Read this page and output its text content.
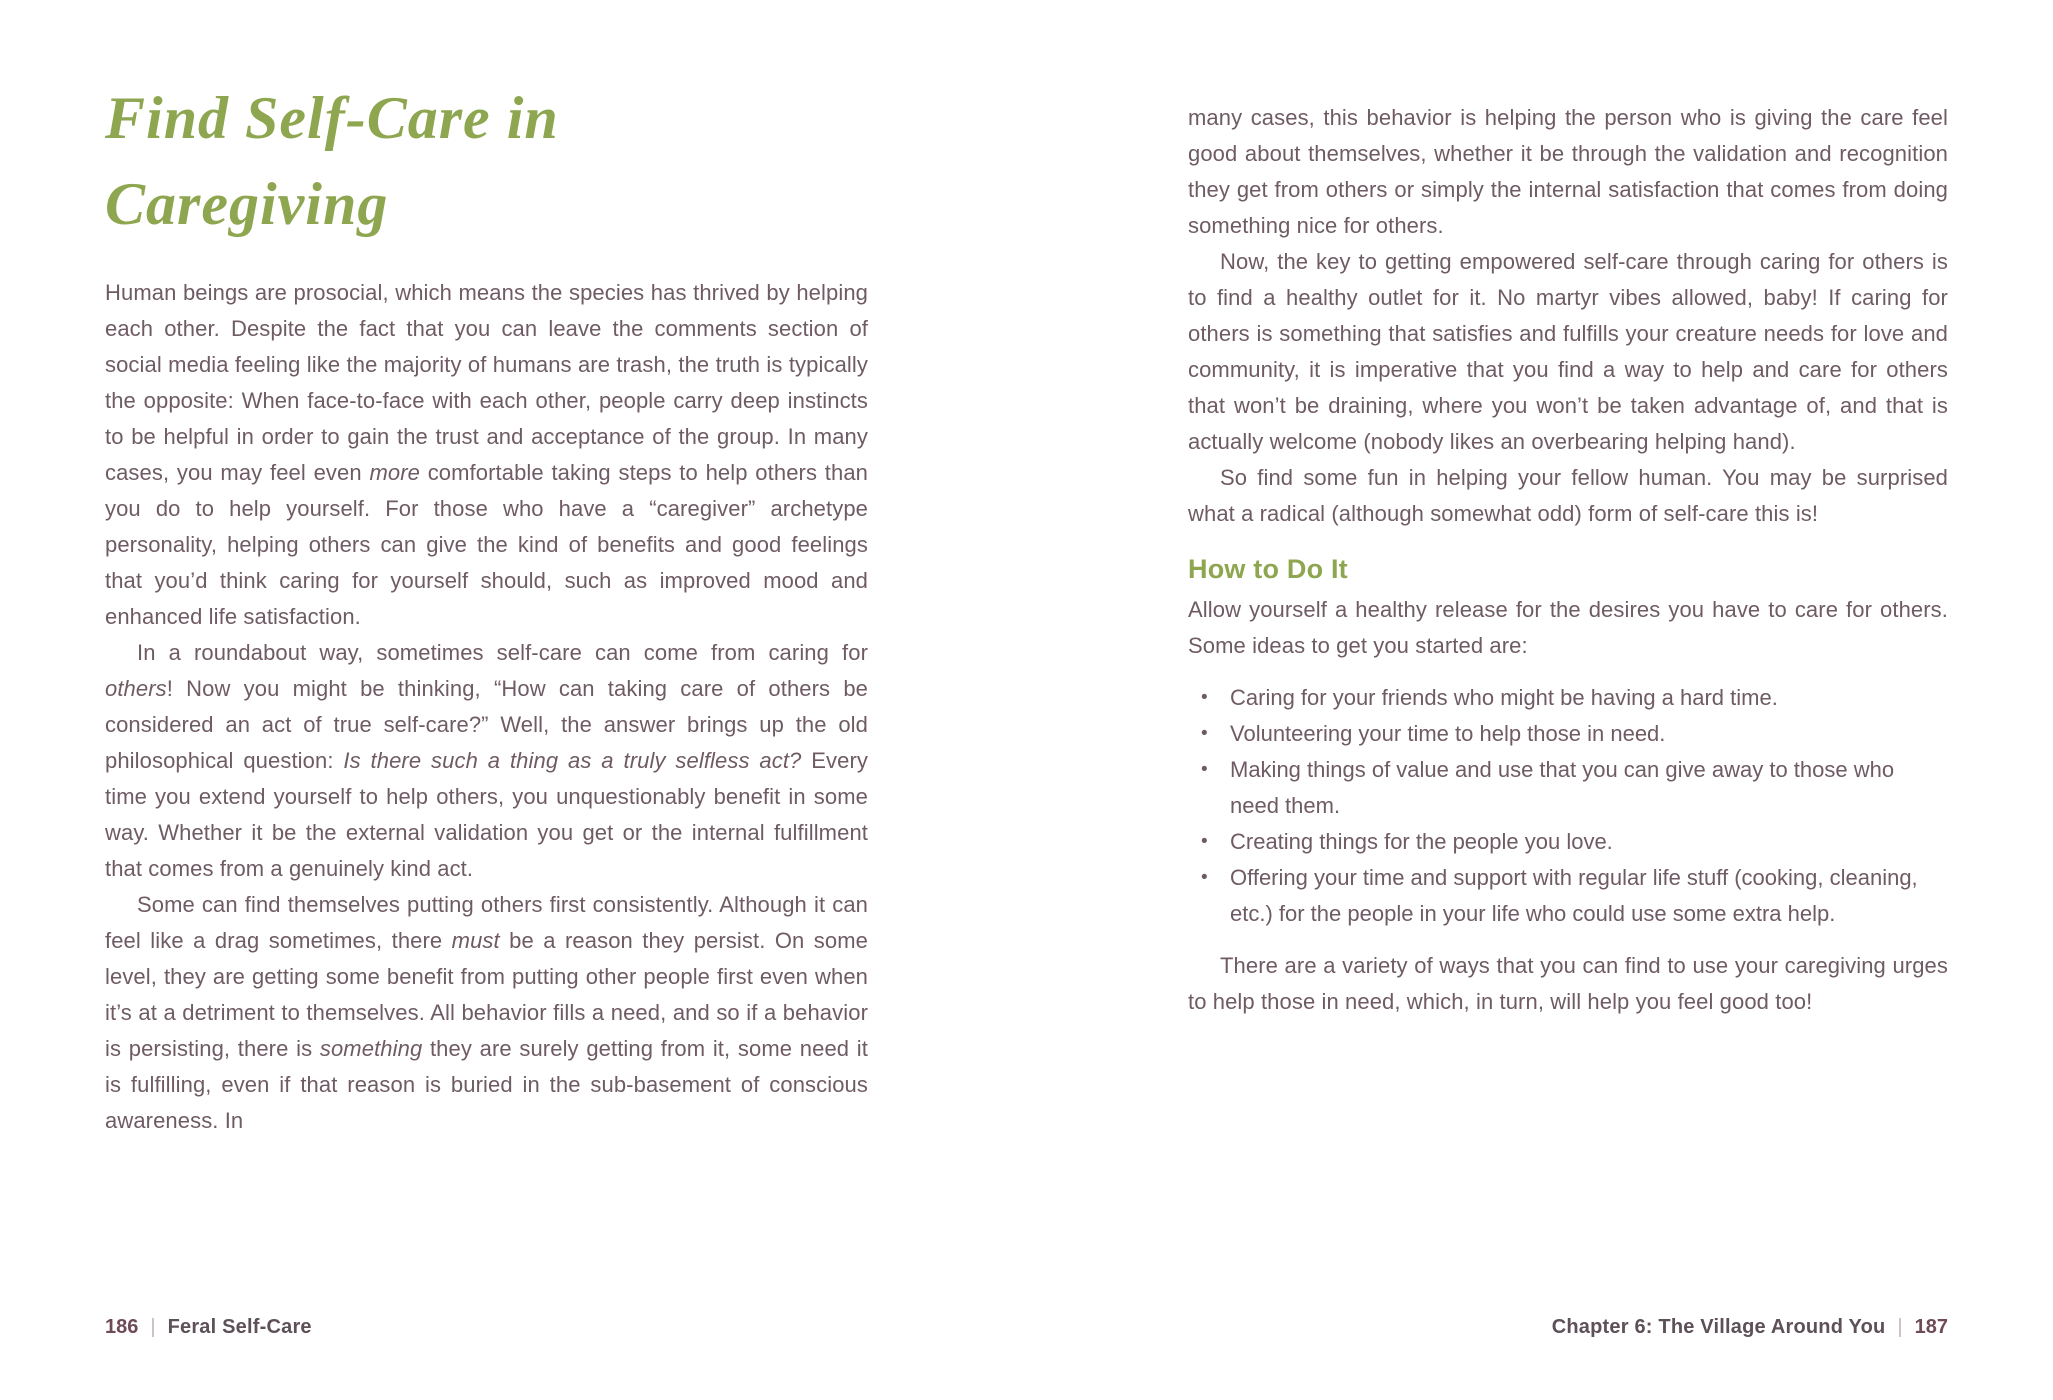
Find Self-Care in
Caregiving

Human beings are prosocial, which means the species has thrived by helping each other. Despite the fact that you can leave the comments section of social media feeling like the majority of humans are trash, the truth is typically the opposite: When face-to-face with each other, people carry deep instincts to be helpful in order to gain the trust and acceptance of the group. In many cases, you may feel even more comfortable taking steps to help others than you do to help yourself. For those who have a “caregiver” archetype personality, helping others can give the kind of benefits and good feelings that you’d think caring for yourself should, such as improved mood and enhanced life satisfaction.

In a roundabout way, sometimes self-care can come from caring for others! Now you might be thinking, “How can taking care of others be considered an act of true self-care?” Well, the answer brings up the old philosophical question: Is there such a thing as a truly selfless act? Every time you extend yourself to help others, you unquestionably benefit in some way. Whether it be the external validation you get or the internal fulfillment that comes from a genuinely kind act.

Some can find themselves putting others first consistently. Although it can feel like a drag sometimes, there must be a reason they persist. On some level, they are getting some benefit from putting other people first even when it’s at a detriment to themselves. All behavior fills a need, and so if a behavior is persisting, there is something they are surely getting from it, some need it is fulfilling, even if that reason is buried in the sub-basement of conscious awareness. In

many cases, this behavior is helping the person who is giving the care feel good about themselves, whether it be through the validation and recognition they get from others or simply the internal satisfaction that comes from doing something nice for others.

Now, the key to getting empowered self-care through caring for others is to find a healthy outlet for it. No martyr vibes allowed, baby! If caring for others is something that satisfies and fulfills your creature needs for love and community, it is imperative that you find a way to help and care for others that won’t be draining, where you won’t be taken advantage of, and that is actually welcome (nobody likes an overbearing helping hand).

So find some fun in helping your fellow human. You may be surprised what a radical (although somewhat odd) form of self-care this is!

How to Do It

Allow yourself a healthy release for the desires you have to care for others. Some ideas to get you started are:

• Caring for your friends who might be having a hard time.
• Volunteering your time to help those in need.
• Making things of value and use that you can give away to those who need them.
• Creating things for the people you love.
• Offering your time and support with regular life stuff (cooking, cleaning, etc.) for the people in your life who could use some extra help.

There are a variety of ways that you can find to use your caregiving urges to help those in need, which, in turn, will help you feel good too!

186 | Feral Self-Care	Chapter 6: The Village Around You | 187
